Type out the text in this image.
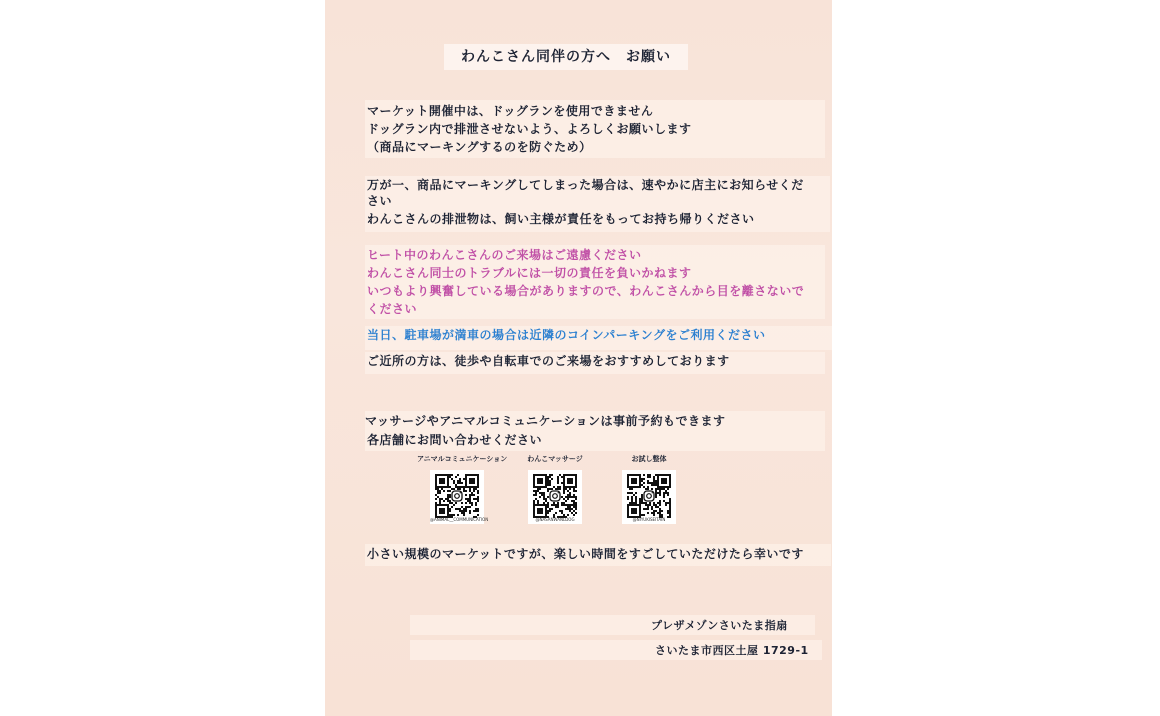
わんこさん同伴の方へ　お願い
マーケット開催中は、ドッグランを使用できません
ドッグラン内で排泄させないよう、よろしくお願いします
（商品にマーキングするのを防ぐため）
万が一、商品にマーキングしてしまった場合は、速やかに店主にお知らせくだ
さい
わんこさんの排泄物は、飼い主様が責任をもってお持ち帰りください
ヒート中のわんこさんのご来場はご遠慮ください
わんこさん同士のトラブルには一切の責任を負いかねます
いつもより興奮している場合がありますので、わんこさんから目を離さないで
ください
当日、駐車場が満車の場合は近隣のコインパーキングをご利用ください
ご近所の方は、徒歩や自転車でのご来場をおすすめしております
マッサージやアニマルコミュニケーションは事前予約もできます
各店舗にお問い合わせください
アニマルコミュニケーション
@ANIMAL__COMMUNICATION
わんこマッサージ
@NASANWANLDOG
お試し整体
@NIYUKISEITAIN
小さい規模のマーケットですが、楽しい時間をすごしていただけたら幸いです
プレザメゾンさいたま指扇
さいたま市西区土屋 1729-1
